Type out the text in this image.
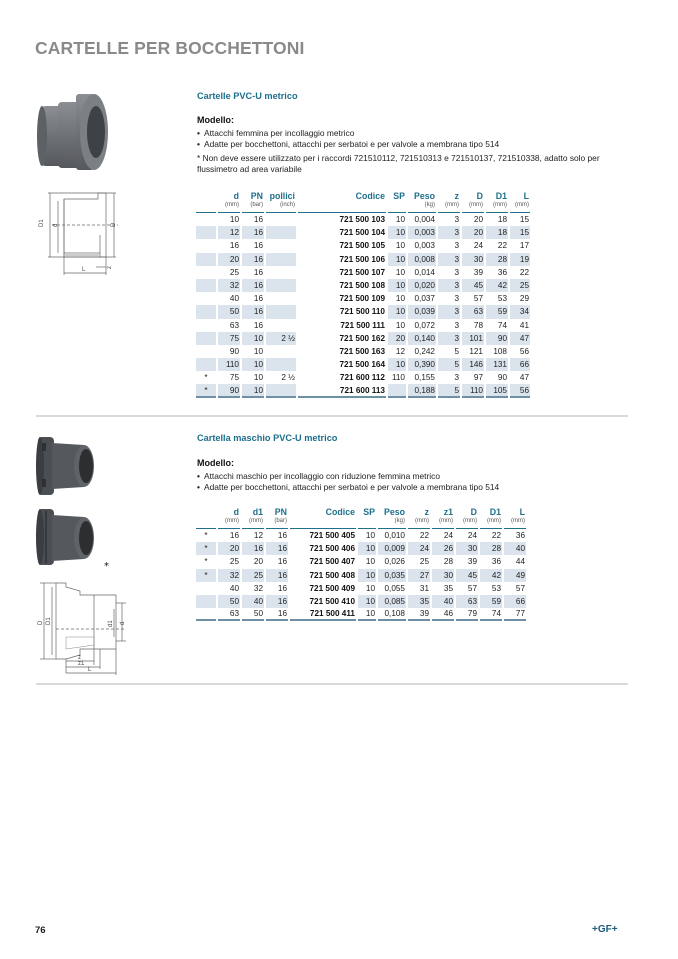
CARTELLE PER BOCCHETTONI
D1 d	D
z
L
Cartelle PVC-U metrico
Modello:
• Attacchi femmina per incollaggio metrico
• Adatte per bocchettoni, attacchi per serbatoi e per valvole a membrana tipo 514
* Non deve essere utilizzato per i raccordi 721510112, 721510313 e 721510137, 721510338, adatto solo per flussimetro ad area variabile
	d	PN	pollici	Codice	SP	Peso	z	D	D1	L
	(mm)	(bar)	(inch)			(kg)	(mm)	(mm)	(mm)	(mm)
	10	16		721 500 103	10	0,004	3	20	18	15
	12	16		721 500 104	10	0,003	3	20	18	15
	16	16		721 500 105	10	0,003	3	24	22	17
	20	16		721 500 106	10	0,008	3	30	28	19
	25	16		721 500 107	10	0,014	3	39	36	22
	32	16		721 500 108	10	0,020	3	45	42	25
	40	16		721 500 109	10	0,037	3	57	53	29
	50	16		721 500 110	10	0,039	3	63	59	34
	63	16		721 500 111	10	0,072	3	78	74	41
	75	10	2 ½	721 500 162	20	0,140	3	101	90	47
	90	10		721 500 163	12	0,242	5	121	108	56
	110	10		721 500 164	10	0,390	5	146	131	66
*	75	10	2 ½	721 600 112	110	0,155	3	97	90	47
*	90	10		721 600 113		0,188	5	110	105	56
*
D D1	d1 d
z
z1
L
Cartella maschio PVC-U metrico
Modello:
• Attacchi maschio per incollaggio con riduzione femmina metrico
• Adatte per bocchettoni, attacchi per serbatoi e per valvole a membrana tipo 514
	d	d1	PN	Codice	SP	Peso	z	z1	D	D1	L
	(mm)	(mm)	(bar)			(kg)	(mm)	(mm)	(mm)	(mm)	(mm)
*	16	12	16	721 500 405	10	0,010	22	24	24	22	36
*	20	16	16	721 500 406	10	0,009	24	26	30	28	40
*	25	20	16	721 500 407	10	0,026	25	28	39	36	44
*	32	25	16	721 500 408	10	0,035	27	30	45	42	49
	40	32	16	721 500 409	10	0,055	31	35	57	53	57
	50	40	16	721 500 410	10	0,085	35	40	63	59	66
	63	50	16	721 500 411	10	0,108	39	46	79	74	77
76	+GF+
